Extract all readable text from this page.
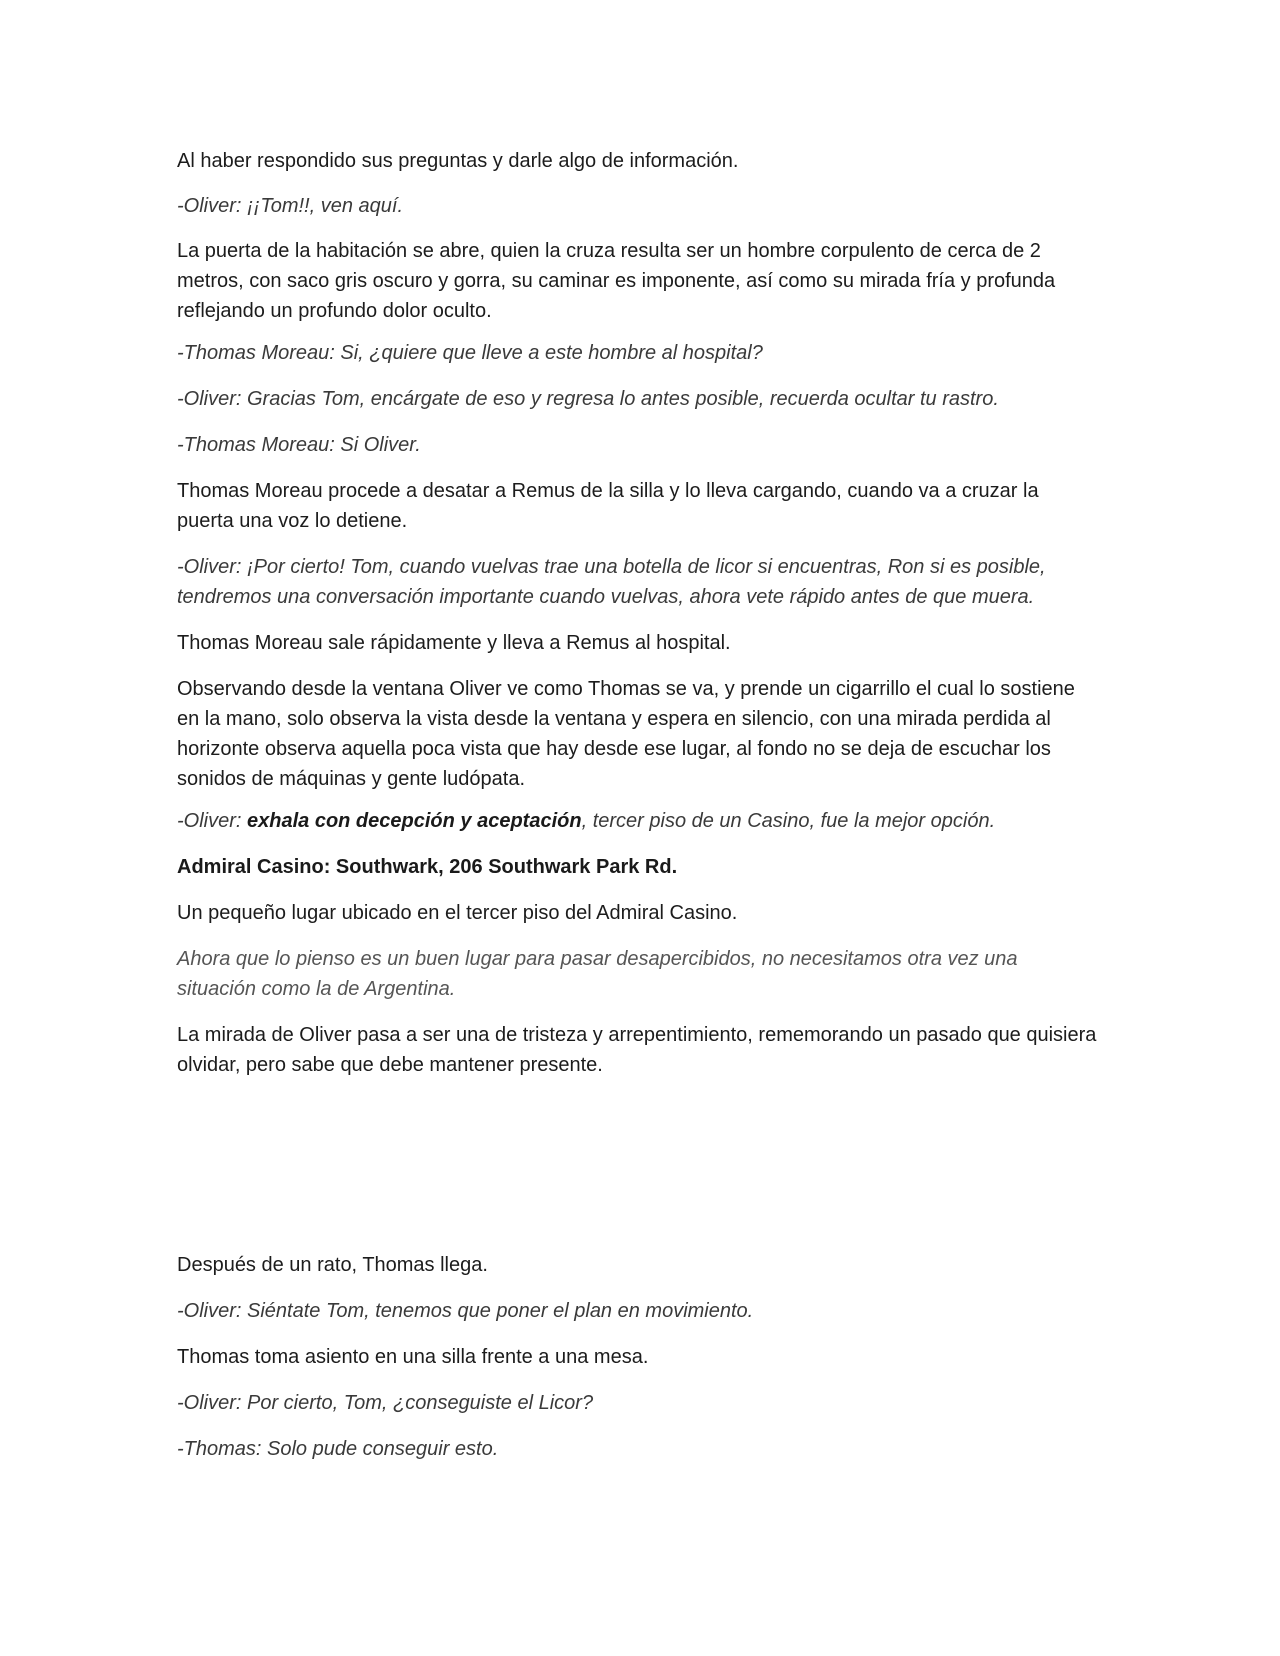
Al haber respondido sus preguntas y darle algo de información.

-Oliver: ¡¡Tom!!, ven aquí.

La puerta de la habitación se abre, quien la cruza resulta ser un hombre corpulento de cerca de 2 metros, con saco gris oscuro y gorra, su caminar es imponente, así como su mirada fría y profunda reflejando un profundo dolor oculto.

-Thomas Moreau: Si, ¿quiere que lleve a este hombre al hospital?

-Oliver: Gracias Tom, encárgate de eso y regresa lo antes posible, recuerda ocultar tu rastro.

-Thomas Moreau: Si Oliver.

Thomas Moreau procede a desatar a Remus de la silla y lo lleva cargando, cuando va a cruzar la puerta una voz lo detiene.

-Oliver: ¡Por cierto! Tom, cuando vuelvas trae una botella de licor si encuentras, Ron si es posible, tendremos una conversación importante cuando vuelvas, ahora vete rápido antes de que muera.

Thomas Moreau sale rápidamente y lleva a Remus al hospital.

Observando desde la ventana Oliver ve como Thomas se va, y prende un cigarrillo el cual lo sostiene en la mano, solo observa la vista desde la ventana y espera en silencio, con una mirada perdida al horizonte observa aquella poca vista que hay desde ese lugar, al fondo no se deja de escuchar los sonidos de máquinas y gente ludópata.

-Oliver: exhala con decepción y aceptación, tercer piso de un Casino, fue la mejor opción.

Admiral Casino: Southwark, 206 Southwark Park Rd.

Un pequeño lugar ubicado en el tercer piso del Admiral Casino.

Ahora que lo pienso es un buen lugar para pasar desapercibidos, no necesitamos otra vez una situación como la de Argentina.

La mirada de Oliver pasa a ser una de tristeza y arrepentimiento, rememorando un pasado que quisiera olvidar, pero sabe que debe mantener presente.

Después de un rato, Thomas llega.

-Oliver: Siéntate Tom, tenemos que poner el plan en movimiento.

Thomas toma asiento en una silla frente a una mesa.

-Oliver: Por cierto, Tom, ¿conseguiste el Licor?

-Thomas: Solo pude conseguir esto.
